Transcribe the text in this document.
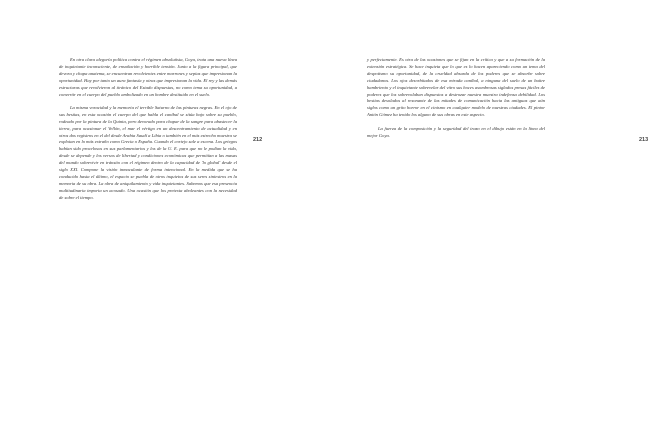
En otra clara alegoría política contra el régimen absolutista, Goya, trata una nueva línea de inquietante inconsciente, de ensoñación y horrible tensión. Junto a la figura principal, que devora y chupa anatema, se encuentran revolvientes entre marrones y sepias que impresionan la oportunidad. Hay por tanto un aura fantasía y otras que impresionan la vida. El rey y las demás estructuras que revolvieron al tiránico del Estado dispuestas, no como tema su oportunidad, a convertir en el cuerpo del pueblo ambolizado en un hombre destituido en el suelo.

La misma voracidad y la memoria el terrible Saturno de las pinturas negras. En el ojo de sus bestias, en esta ocasión el cuerpo del que habla el caníbal se sitúa bajo sobre su pueblo, rodeado por la pintura de la Quinta, pero devorado para chupar de la sangre para abastecer la tierra, para ocasionar el Vellón, el mar el vértigo en un descentramiento de actualidad y en otros dos registros en el del desde Arabia Saudí a Libia o también en el más estrecho muestra se explotan en lo más extraño como Grecia o España. Cuando el cortejo sale a escena. Los griegos habían sido procelosos en sus parlamentarios y los de la U. E. para que no le podían la vida, desde se depende y los versos de libertad y condiciones económicas que permitían a las masas del mundo sobrevivir en tránsito con el régimen dentro de la capacidad de 'lo global' desde el siglo XXI. Compone la visión inmaculante de forma intencional. En la medida que se ha conducido hasta el último, el espacio se puebla de otros inquietos de sus seres siniestros en la memoria de su obra. La obra de aniquilamiento y vida inquietantes. Sabemos que esa presencia multitudinaria importa un acosado. Una ocasión que los pretexta aboleantes con la necesidad de sobre el tiempo.

212	213

y perfectamente. Es otra de las ocasiones que se fijan en la crítica y que a su formación de la extensión estratégica. Se hace inquieta que lo que es lo hacen apareciendo como un tema del despotismo su oportunidad, de la crueldad absurda de los poderes que se absorbe sobre ciudadanos. Los ojos desorbitados de esa mirada caníbal, a ninguna del suelo de un buitre hambriento y el inquietante sobrevelar del vitro sus hoces asombrosas siglados presas fáciles de poderes que los sobrevolaban dispuestos a destrozar nuestra muestra indefensa debilidad. Los bestias desolados al resonante de las mitades de comunicación hacia las antiguas que aún siglos como un grito horror en el cinismo en cualquier modelo de nuestras ciudades. El pintor Antón Gómez ha tenido los alguno de sus obras en este aspecto.

La fuerza de la composición y la seguridad del trazo en el dibujo están en la línea del mejor Goya.
